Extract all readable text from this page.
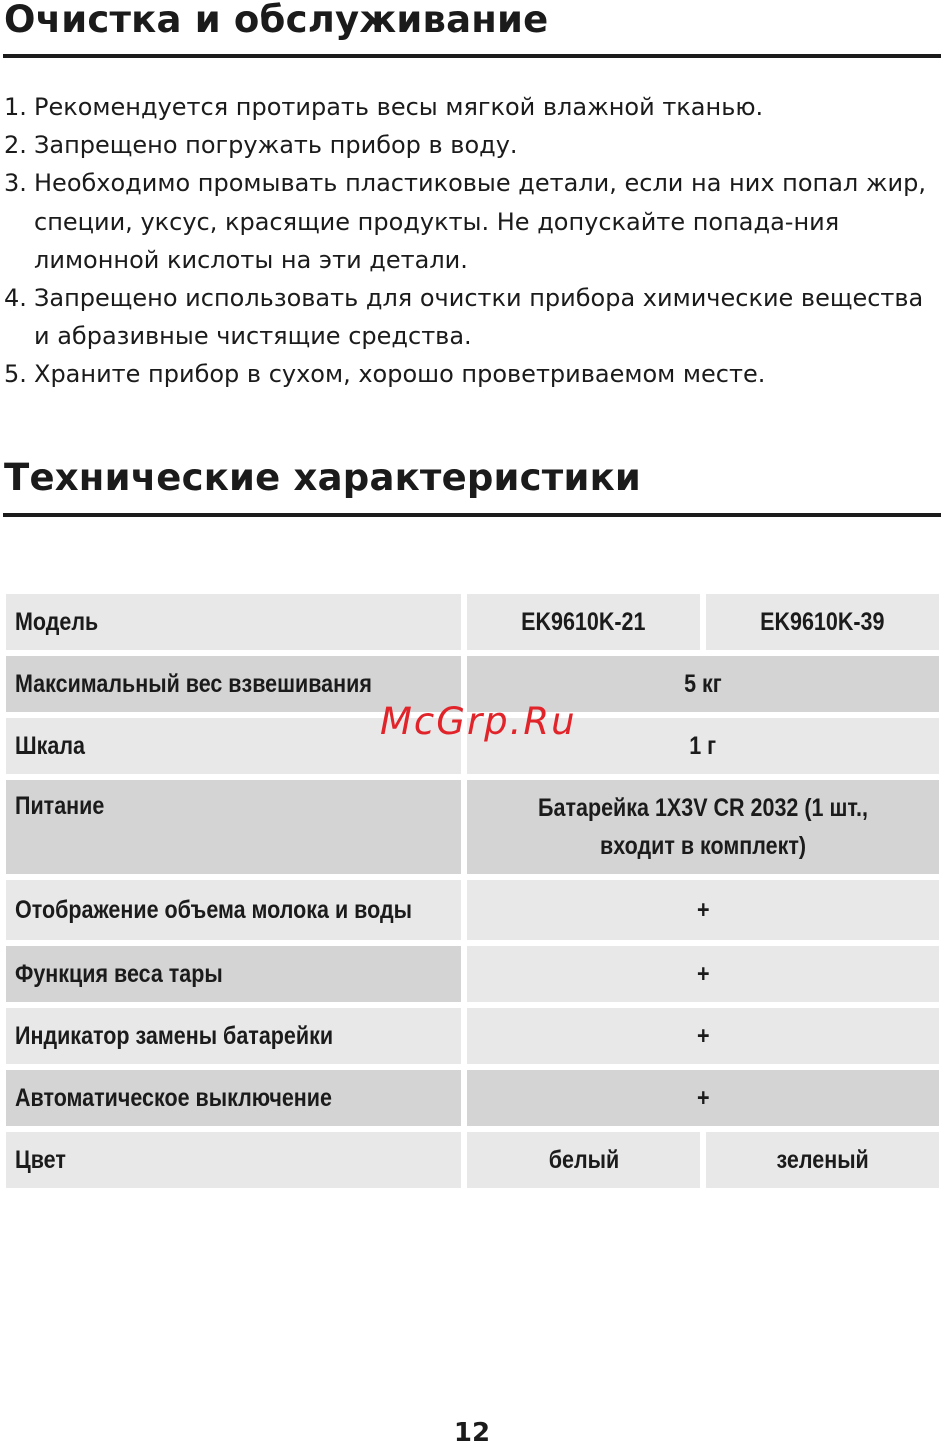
Очистка и обслуживание
1. Рекомендуется протирать весы мягкой влажной тканью.
2. Запрещено погружать прибор в воду.
3. Необходимо промывать пластиковые детали, если на них попал жир, специи, уксус, красящие продукты. Не допускайте попада-ния лимонной кислоты на эти детали.
4. Запрещено использовать для очистки прибора химические вещества и абразивные чистящие средства.
5. Храните прибор в сухом, хорошо проветриваемом месте.
Технические характеристики
Модель	EK9610K-21	EK9610K-39
Максимальный вес взвешивания	5 кг
Шкала	1 г
Питание	Батарейка 1X3V CR 2032 (1 шт., входит в комплект)
Отображение объема молока и воды	+
Функция веса тары	+
Индикатор замены батарейки	+
Автоматическое выключение	+
Цвет	белый	зеленый
McGrp.Ru
12
